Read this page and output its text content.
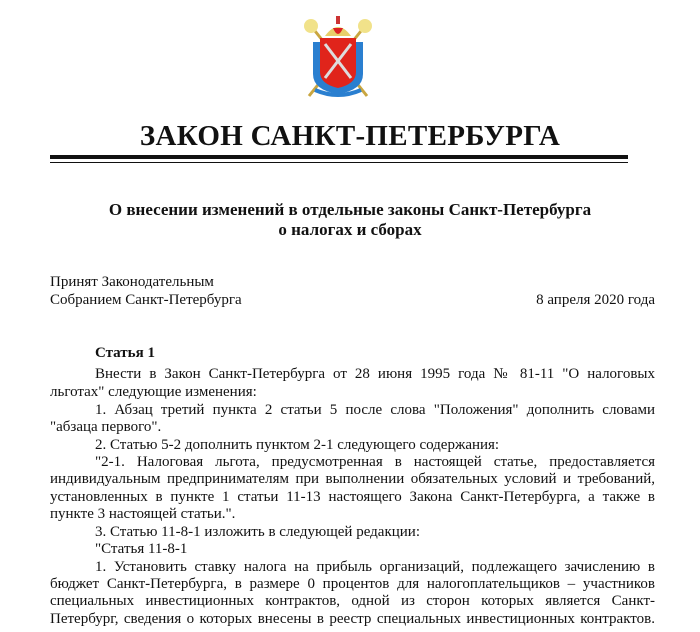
ЗАКОН САНКТ-ПЕТЕРБУРГА
О внесении изменений в отдельные законы Санкт-Петербурга
о налогах и сборах
Принят Законодательным
Собранием Санкт-Петербурга	8 апреля 2020 года
Статья 1
Внести в Закон Санкт-Петербурга от 28 июня 1995 года № 81-11 "О налоговых
льготах" следующие изменения:
1. Абзац третий пункта 2 статьи 5 после слова "Положения" дополнить словами
"абзаца первого".
2. Статью 5-2 дополнить пунктом 2-1 следующего содержания:
"2-1. Налоговая льгота, предусмотренная в настоящей статье, предоставляется
индивидуальным предпринимателям при выполнении обязательных условий и требований,
установленных в пункте 1 статьи 11-13 настоящего Закона Санкт-Петербурга, а также в
пункте 3 настоящей статьи.".
3. Статью 11-8-1 изложить в следующей редакции:
"Статья 11-8-1
1. Установить ставку налога на прибыль организаций, подлежащего зачислению в
бюджет Санкт-Петербурга, в размере 0 процентов для налогоплательщиков – участников
специальных инвестиционных контрактов, одной из сторон которых является Санкт-
Петербург, сведения о которых внесены в реестр специальных инвестиционных контрактов.
